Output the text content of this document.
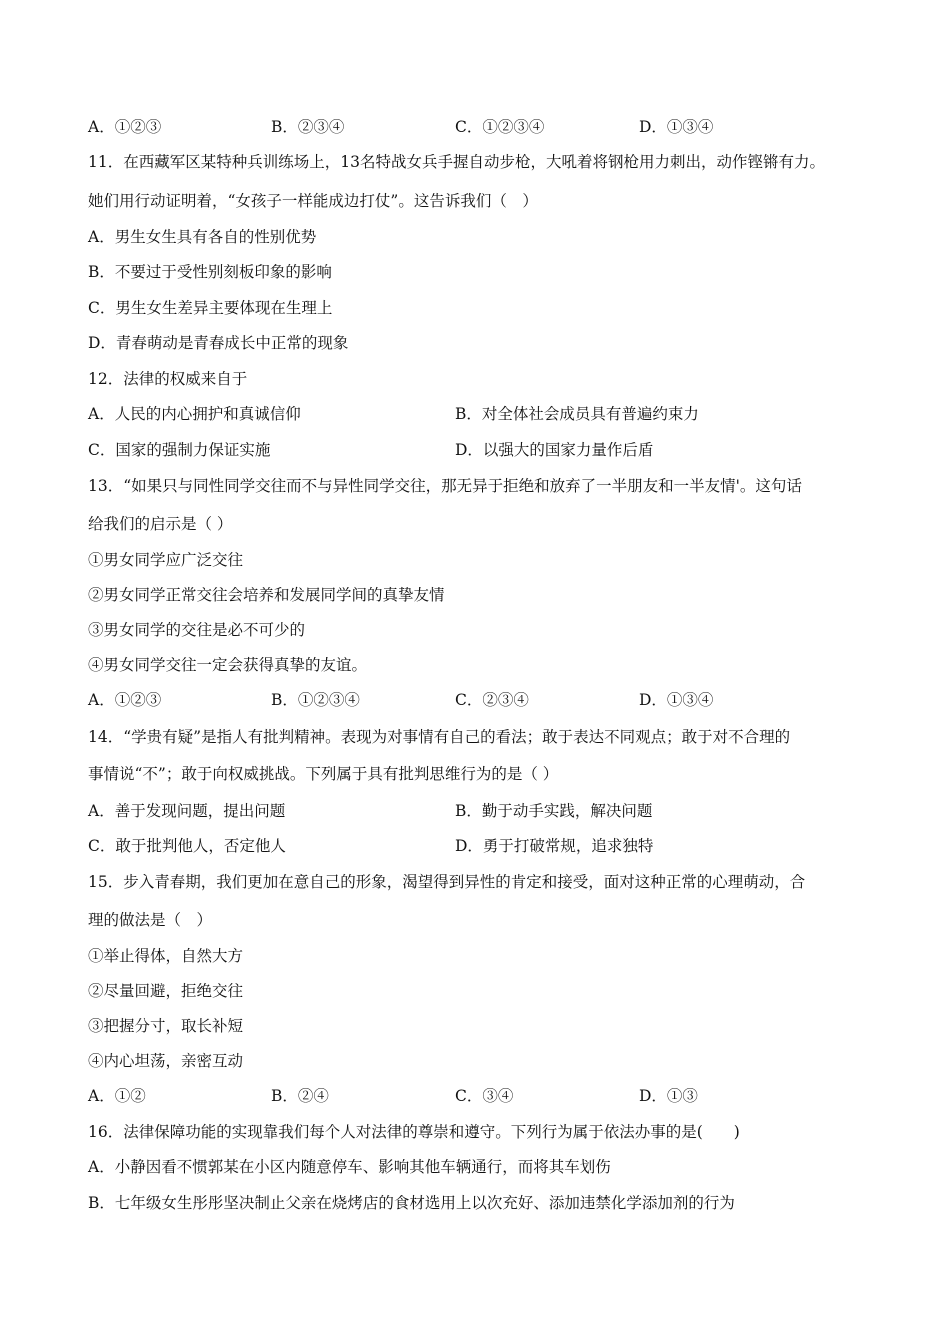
A．①②③	B．②③④	C．①②③④	D．①③④
11．在西藏军区某特种兵训练场上，13名特战女兵手握自动步枪，大吼着将钢枪用力刺出，动作铿锵有力。
她们用行动证明着，“女孩子一样能成边打仗”。这告诉我们（　）
A．男生女生具有各自的性别优势
B．不要过于受性别刻板印象的影响
C．男生女生差异主要体现在生理上
D．青春萌动是青春成长中正常的现象
12．法律的权威来自于
A．人民的内心拥护和真诚信仰	B．对全体社会成员具有普遍约束力
C．国家的强制力保证实施	D．以强大的国家力量作后盾
13．“如果只与同性同学交往而不与异性同学交往，那无异于拒绝和放弃了一半朋友和一半友情'。这句话
给我们的启示是（ ）
①男女同学应广泛交往
②男女同学正常交往会培养和发展同学间的真挚友情
③男女同学的交往是必不可少的
④男女同学交往一定会获得真挚的友谊。
A．①②③	B．①②③④	C．②③④	D．①③④
14．“学贵有疑”是指人有批判精神。表现为对事情有自己的看法；敢于表达不同观点；敢于对不合理的
事情说“不”；敢于向权威挑战。下列属于具有批判思维行为的是（ ）
A．善于发现问题，提出问题	B．勤于动手实践，解决问题
C．敢于批判他人，否定他人	D．勇于打破常规，追求独特
15．步入青春期，我们更加在意自己的形象，渴望得到异性的肯定和接受，面对这种正常的心理萌动，合
理的做法是（　）
①举止得体，自然大方
②尽量回避，拒绝交往
③把握分寸，取长补短
④内心坦荡，亲密互动
A．①②	B．②④	C．③④	D．①③
16．法律保障功能的实现靠我们每个人对法律的尊崇和遵守。下列行为属于依法办事的是(　　)
A．小静因看不惯郭某在小区内随意停车、影响其他车辆通行，而将其车划伤
B．七年级女生彤彤坚决制止父亲在烧烤店的食材选用上以次充好、添加违禁化学添加剂的行为
